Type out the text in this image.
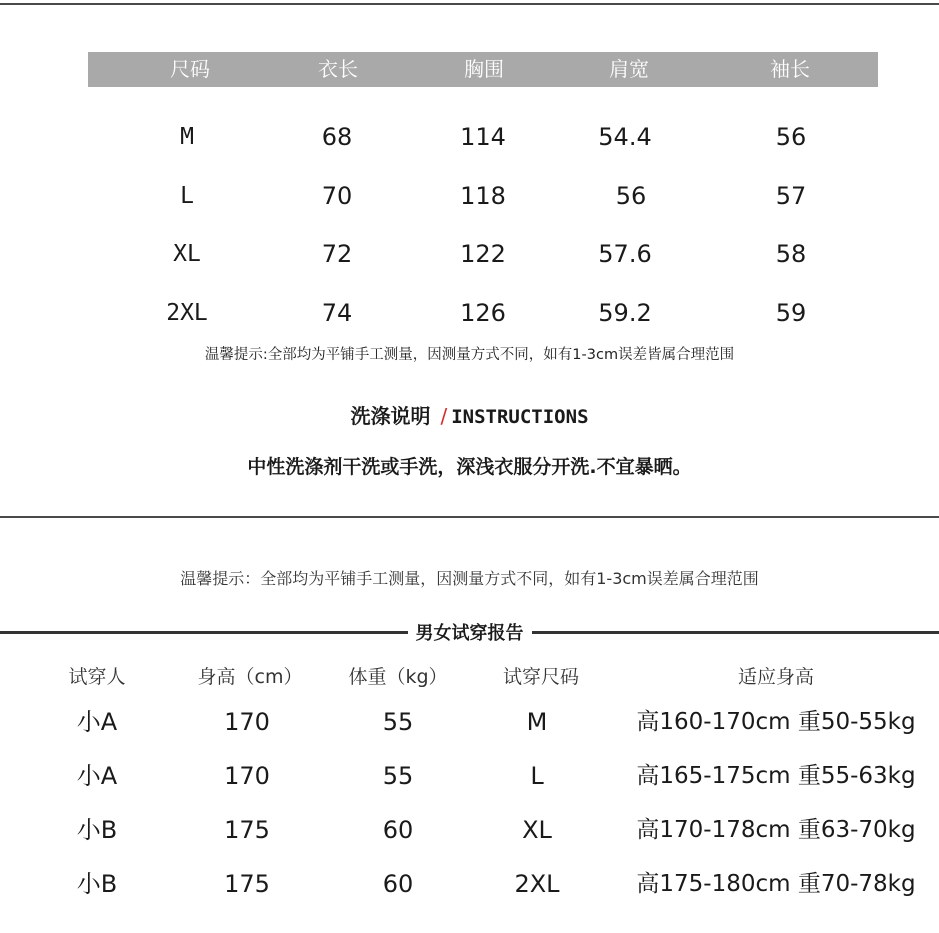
尺码	衣长	胸围	肩宽	袖长
M	68	114	54.4	56
L	70	118	56	57
XL	72	122	57.6	58
2XL	74	126	59.2	59
温馨提示:全部均为平铺手工测量，因测量方式不同，如有1-3cm误差皆属合理范围
洗涤说明 / INSTRUCTIONS
中性洗涤剂干洗或手洗，深浅衣服分开洗.不宜暴晒。
温馨提示：全部均为平铺手工测量，因测量方式不同，如有1-3cm误差属合理范围
男女试穿报告
试穿人	身高（cm） 体重（kg）	试穿尺码	适应身高
小A	170	55	M	高160-170cm 重50-55kg
小A	170	55	L	高165-175cm 重55-63kg
小B	175	60	XL	高170-178cm 重63-70kg
小B	175	60	2XL	高175-180cm 重70-78kg
